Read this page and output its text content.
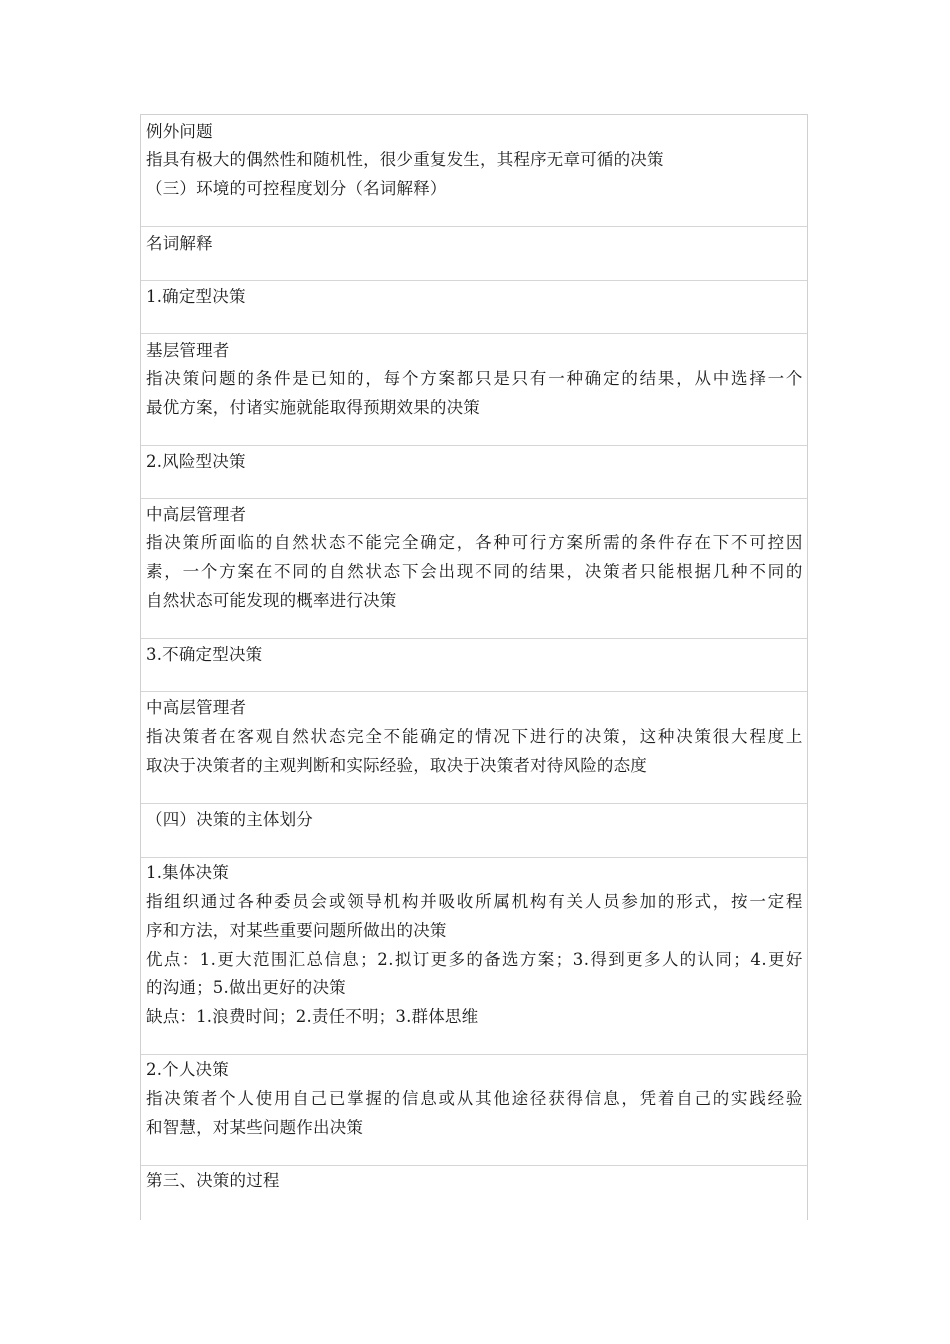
例外问题
指具有极大的偶然性和随机性，很少重复发生，其程序无章可循的决策
（三）环境的可控程度划分（名词解释）
名词解释
1.确定型决策
基层管理者
指决策问题的条件是已知的，每个方案都只是只有一种确定的结果，从中选择一个
最优方案，付诸实施就能取得预期效果的决策
2.风险型决策
中高层管理者
指决策所面临的自然状态不能完全确定，各种可行方案所需的条件存在下不可控因
素，一个方案在不同的自然状态下会出现不同的结果，决策者只能根据几种不同的
自然状态可能发现的概率进行决策
3.不确定型决策
中高层管理者
指决策者在客观自然状态完全不能确定的情况下进行的决策，这种决策很大程度上
取决于决策者的主观判断和实际经验，取决于决策者对待风险的态度
（四）决策的主体划分
1.集体决策
指组织通过各种委员会或领导机构并吸收所属机构有关人员参加的形式，按一定程
序和方法，对某些重要问题所做出的决策
优点：1.更大范围汇总信息；2.拟订更多的备选方案；3.得到更多人的认同；4.更好
的沟通；5.做出更好的决策
缺点：1.浪费时间；2.责任不明；3.群体思维
2.个人决策
指决策者个人使用自己已掌握的信息或从其他途径获得信息，凭着自己的实践经验
和智慧，对某些问题作出决策
第三、决策的过程
